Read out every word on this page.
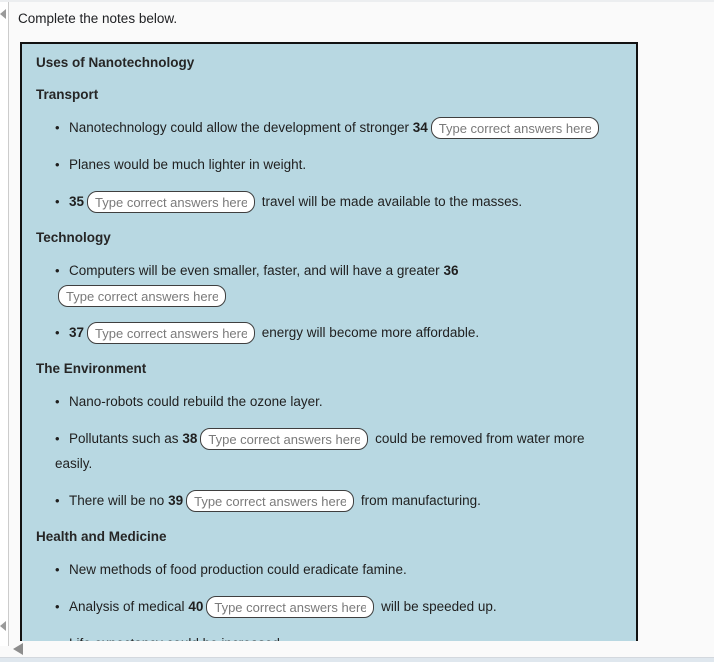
Complete the notes below.
Uses of Nanotechnology
Transport
• Nanotechnology could allow the development of stronger 34Type correct answers here.
• Planes would be much lighter in weight.
• 35Type correct answers here.	travel will be made available to the masses.
Technology
• Computers will be even smaller, faster, and will have a greater 36Type correct answers here.
• 37Type correct answers here.	energy will become more affordable.
The Environment
• Nano-robots could rebuild the ozone layer.
• Pollutants such as 38Type correct answers here.	could be removed from water more easily.
• There will be no 39Type correct answers here.	from manufacturing.
Health and Medicine
• New methods of food production could eradicate famine.
• Analysis of medical 40Type correct answers here.	will be speeded up.
